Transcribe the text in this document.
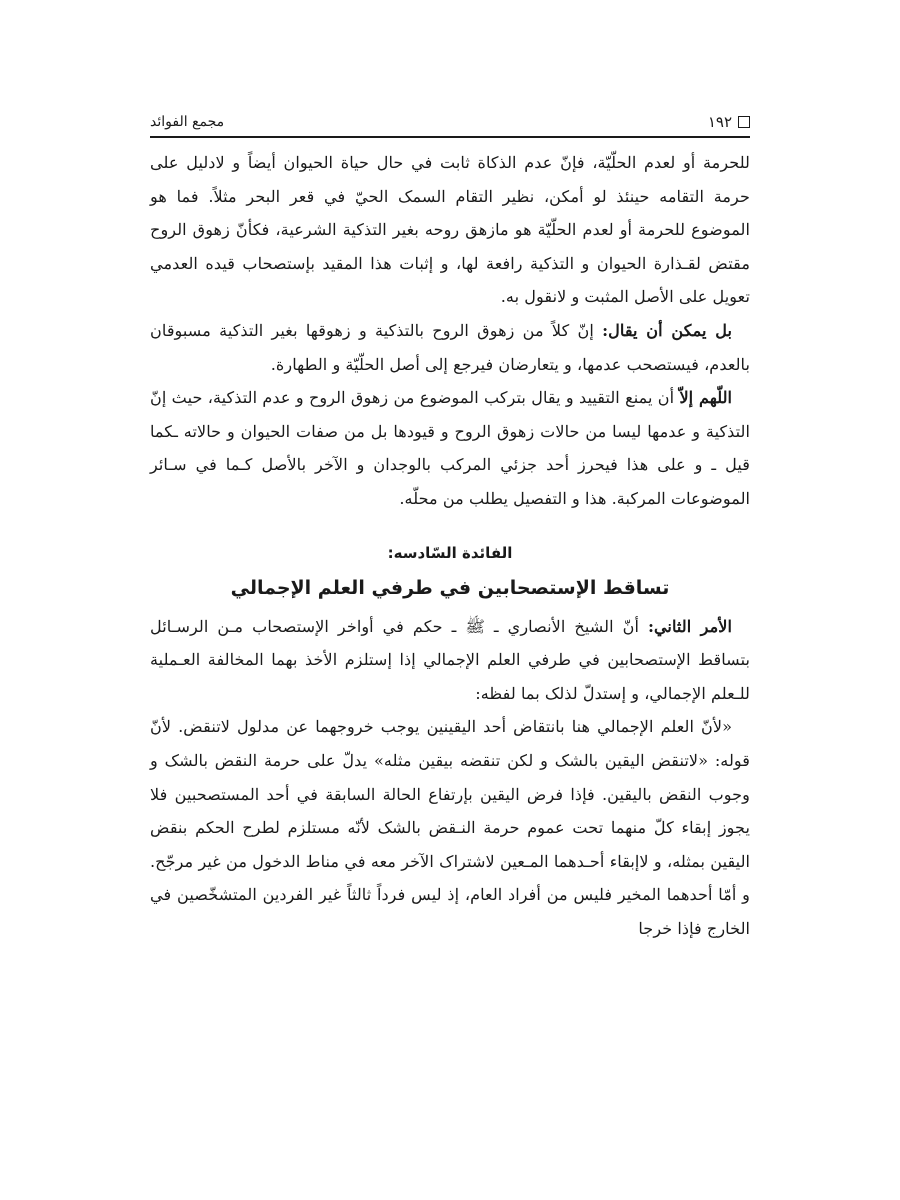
١٩٢
مجمع الفوائد

للحرمة أو لعدم الحلّيّة، فإنّ عدم الذكاة ثابت في حال حياة الحيوان أيضاً و لادليل على حرمة التقامه حينئذ لو أمكن، نظير التقام السمک الحيّ في قعر البحر مثلاً. فما هو الموضوع للحرمة أو لعدم الحلّيّة هو مازهق روحه بغير التذکية الشرعية، فکأنّ زهوق الروح مقتض لقـذارة الحيوان و التذکية رافعة لها، و إثبات هذا المقيد بإستصحاب قيده العدمي تعويل على الأصل المثبت و لانقول به.

بل يمکن أن يقال: إنّ کلاً من زهوق الروح بالتذکية و زهوقها بغير التذکية مسبوقان بالعدم، فيستصحب عدمها، و يتعارضان فيرجع إلى أصل الحلّيّة و الطهارة.

اللّهم إلاّ أن يمنع التقييد و يقال بترکب الموضوع من زهوق الروح و عدم التذکية، حيث إنّ التذکية و عدمها ليسا من حالات زهوق الروح و قيودها بل من صفات الحيوان و حالاته ـکما قيل ـ و على هذا فيحرز أحد جزئي المرکب بالوجدان و الآخر بالأصل کـما في سـائر الموضوعات المرکبة. هذا و التفصيل يطلب من محلّه.

الفائدة السّادسه:
تساقط الإستصحابين في طرفي العلم الإجمالي

الأمر الثاني: أنّ الشيخ الأنصاري ـ ﷺ ـ حکم في أواخر الإستصحاب مـن الرسـائل بتساقط الإستصحابين في طرفي العلم الإجمالي إذا إستلزم الأخذ بهما المخالفة العـملية للـعلم الإجمالي، و إستدلّ لذلک بما لفظه:

«لأنّ العلم الإجمالي هنا بانتقاض أحد اليقينين يوجب خروجهما عن مدلول لاتنقض. لأنّ قوله: «لاتنقض اليقين بالشک و لکن تنقضه بيقين مثله» يدلّ على حرمة النقض بالشک و وجوب النقض باليقين. فإذا فرض اليقين بإرتفاع الحالة السابقة في أحد المستصحبين فلا يجوز إبقاء کلّ منهما تحت عموم حرمة النـقض بالشک لأنّه مستلزم لطرح الحکم بنقض اليقين بمثله، و لاإبقاء أحـدهما المـعين لاشتراک الآخر معه في مناط الدخول من غير مرجّح. و أمّا أحدهما المخير فليس من أفراد العام، إذ ليس فرداً ثالثاً غير الفردين المتشخّصين في الخارج فإذا خرجا
